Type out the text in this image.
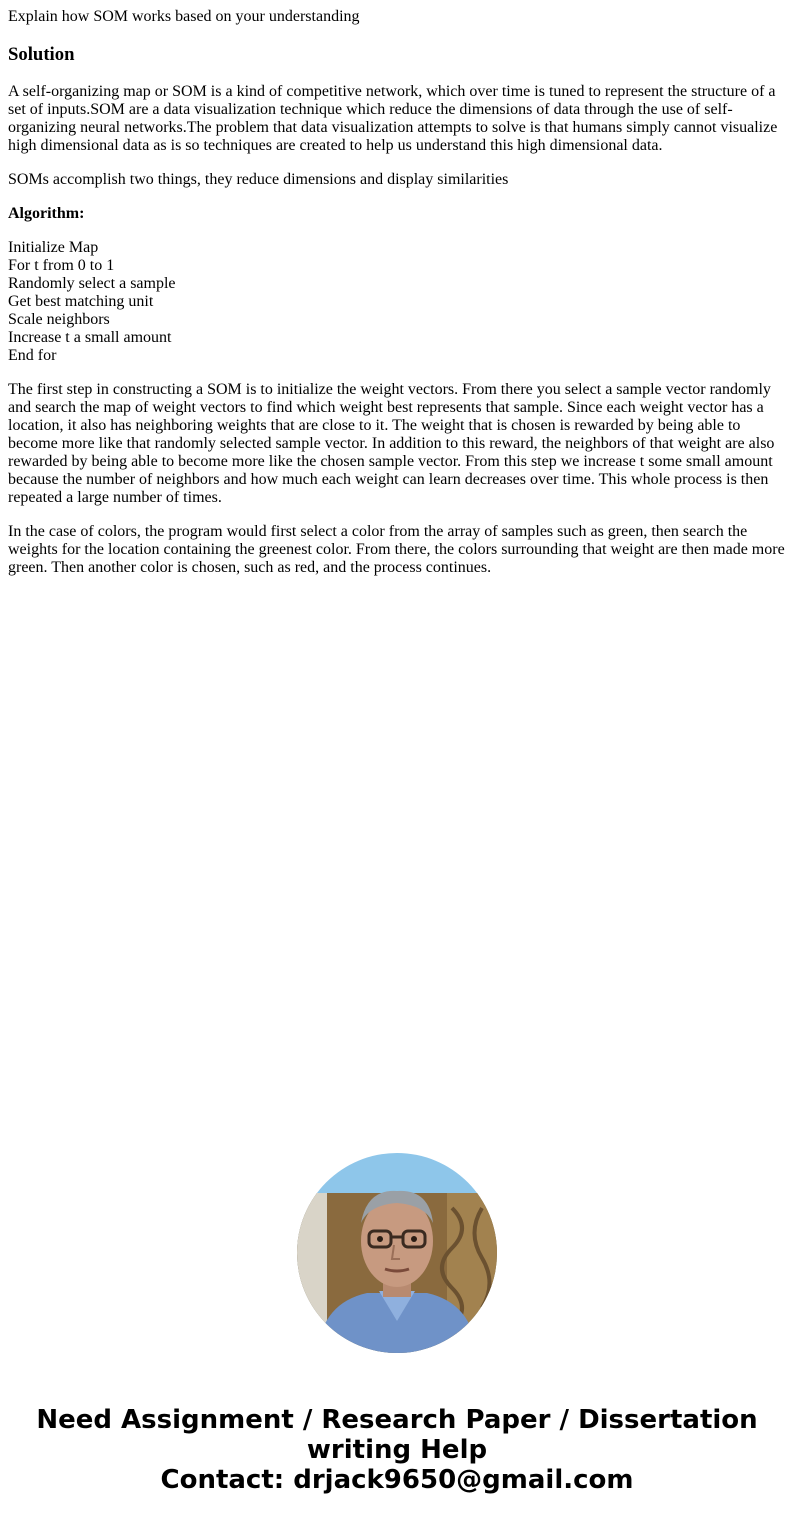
Explain how SOM works based on your understanding
Solution

A self-organizing map or SOM is a kind of competitive network, which over time is tuned to represent the structure of a set of inputs.SOM are a data visualization technique which reduce the dimensions of data through the use of self-organizing neural networks.The problem that data visualization attempts to solve is that humans simply cannot visualize high dimensional data as is so techniques are created to help us understand this high dimensional data.

SOMs accomplish two things, they reduce dimensions and display similarities

Algorithm:

Initialize Map
For t from 0 to 1
Randomly select a sample
Get best matching unit
Scale neighbors
Increase t a small amount
End for

The first step in constructing a SOM is to initialize the weight vectors. From there you select a sample vector randomly and search the map of weight vectors to find which weight best represents that sample. Since each weight vector has a location, it also has neighboring weights that are close to it. The weight that is chosen is rewarded by being able to become more like that randomly selected sample vector. In addition to this reward, the neighbors of that weight are also rewarded by being able to become more like the chosen sample vector. From this step we increase t some small amount because the number of neighbors and how much each weight can learn decreases over time. This whole process is then repeated a large number of times.

In the case of colors, the program would first select a color from the array of samples such as green, then search the weights for the location containing the greenest color. From there, the colors surrounding that weight are then made more green. Then another color is chosen, such as red, and the process continues.

Need Assignment / Research Paper / Dissertation
writing Help
Contact: drjack9650@gmail.com
